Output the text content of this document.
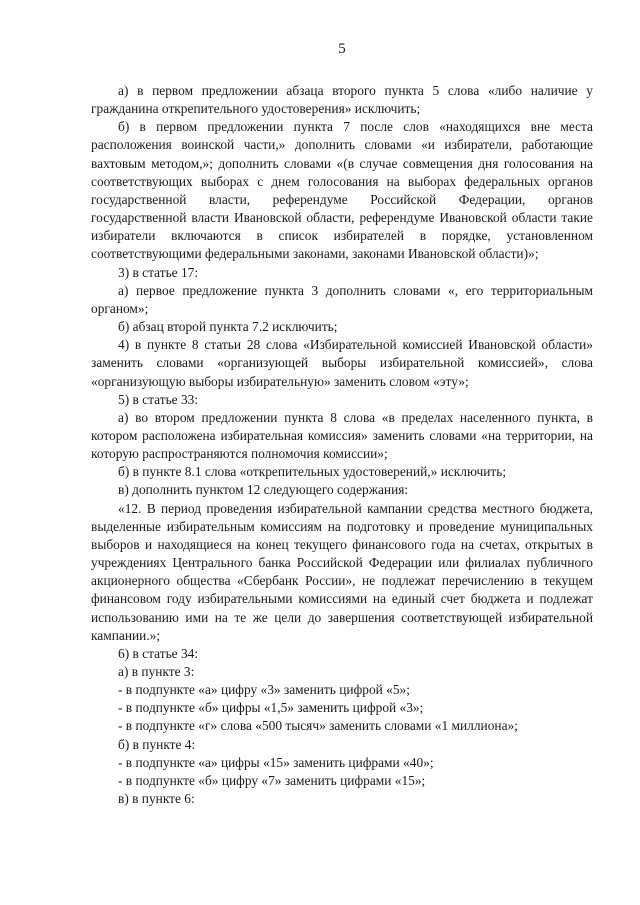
5

а) в первом предложении абзаца второго пункта 5 слова «либо наличие у гражданина открепительного удостоверения» исключить;

б) в первом предложении пункта 7 после слов «находящихся вне места расположения воинской части,» дополнить словами «и избиратели, работающие вахтовым методом,»; дополнить словами «(в случае совмещения дня голосования на соответствующих выборах с днем голосования на выборах федеральных органов государственной власти, референдуме Российской Федерации, органов государственной власти Ивановской области, референдуме Ивановской области такие избиратели включаются в список избирателей в порядке, установленном соответствующими федеральными законами, законами Ивановской области)»;

3) в статье 17:

а) первое предложение пункта 3 дополнить словами «, его территориальным органом»;

б) абзац второй пункта 7.2 исключить;

4) в пункте 8 статьи 28 слова «Избирательной комиссией Ивановской области» заменить словами «организующей выборы избирательной комиссией», слова «организующую выборы избирательную» заменить словом «эту»;

5) в статье 33:

а) во втором предложении пункта 8 слова «в пределах населенного пункта, в котором расположена избирательная комиссия» заменить словами «на территории, на которую распространяются полномочия комиссии»;

б) в пункте 8.1 слова «открепительных удостоверений,» исключить;

в) дополнить пунктом 12 следующего содержания:

«12. В период проведения избирательной кампании средства местного бюджета, выделенные избирательным комиссиям на подготовку и проведение муниципальных выборов и находящиеся на конец текущего финансового года на счетах, открытых в учреждениях Центрального банка Российской Федерации или филиалах публичного акционерного общества «Сбербанк России», не подлежат перечислению в текущем финансовом году избирательными комиссиями на единый счет бюджета и подлежат использованию ими на те же цели до завершения соответствующей избирательной кампании.»;

6) в статье 34:

а) в пункте 3:

- в подпункте «а» цифру «3» заменить цифрой «5»;

- в подпункте «б» цифры «1,5» заменить цифрой «3»;

- в подпункте «г» слова «500 тысяч» заменить словами «1 миллиона»;

б) в пункте 4:

- в подпункте «а» цифры «15» заменить цифрами «40»;

- в подпункте «б» цифру «7» заменить цифрами «15»;

в) в пункте 6:
